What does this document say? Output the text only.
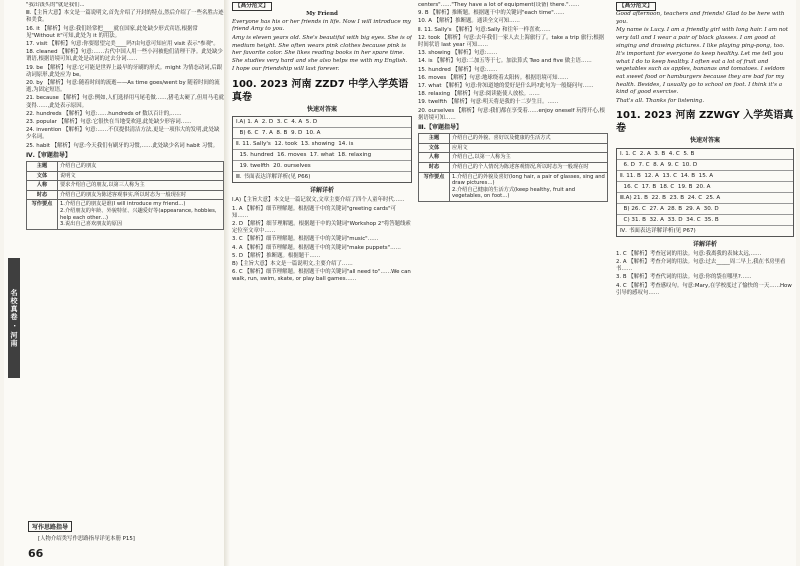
名校真卷 · 河南
"我出钱买的"就是我们...
Ⅲ.【主旨大意】本文是一篇说明文,首先介绍了开封的特点,然后介绍了一些名胜古迹和美食。
16. it 【解析】句意:我们经常把____就在国家,此处缺少形式宾语,根据常见"Without it"可知,此处为 it 的用法。
17. visit 【解析】句意:你要愿望完美____吗?由句意可知应用 visit 表示"参观"。
18. cleaned 【解析】句意:……古代中国人用一些小河被他们清理干净。此处缺少谓语,根据语境可知,此处是动词的过去分词……
19. be 【解析】句意:它可能是世界上最早的牙刷的形式。might 为情态动词,后跟动词原形,此处应为 be。
20. by 【解析】句意:随着时间的流逝——As time goes/went by 随着时间的流逝,为固定短语。
21. because 【解析】句意:例如,人们选择用马尾毛做……,猪毛太硬了,但用马毛就变得……,此处表示原因。
22. hundreds 【解析】句意:……hundreds of 数以百计的,……
23. popular 【解析】句意:它很快在当地受欢迎,此处缺少形容词……
24. invention 【解析】句意:……不仅提供清洁方法,更是一项伟大的发明,此处缺少名词。
25. habit 【解析】句意:今天我们有刷牙的习惯,……此处缺少名词 habit 习惯。
Ⅳ.【审题指导】
主题	介绍自己的朋友
文体	说明文
人称	要求介绍自己的朋友,以第三人称为主
时态	介绍自己的朋友为陈述客观事实,所以时态为一般现在时
写作要点	1.介绍自己的朋友是谁(I will introduce my friend…)
2.介绍朋友的年龄、外貌特征、兴趣爱好等(appearance, hobbies, help each other…)
3.说出自己喜欢朋友的原因
【高分范文】
My Friend
Everyone has his or her friends in life. Now I will introduce my friend Amy to you.
Amy is eleven years old. She's beautiful with big eyes. She is of medium height. She often wears pink clothes because pink is her favorite color. She likes reading books in her spare time. She studies very hard and she also helps me with my English.
I hope our friendship will last forever.
100. 2023 河南 ZZD7 中学入学英语真卷
快速对答案
Ⅰ.A) 1. A  2. D  3. C  4. A  5. D
B) 6. C  7. A  8. B  9. D  10. A
Ⅱ. 11. Sally's  12. took  13. showing  14. is
15. hundred  16. moves  17. what  18. relaxing
19. twelfth  20. ourselves
Ⅲ. 书面表达详解详析(见 P66)
详解详析
Ⅰ.A)【主旨大意】本文是一篇记叙文,文章主要介绍了四个人童年时代……
1. A 【解析】细节理解题。根据题干中的关键词"greeting cards"可知……
2. D 【解析】细节理解题。根据题干中的关键词"Workshop 2"将答题线索定位至文章中……
3. C 【解析】细节理解题。根据题干中的关键词"music"……
4. A 【解析】细节理解题。根据题干中的关键词"make puppets"……
5. D 【解析】推断题。根据题干……
B)【主旨大意】本文是一篇说明文,主要介绍了……
6. C 【解析】细节理解题。根据题干中的关键词"all need to"……We can walk, run, swim, skate, or play ball games……
centers"……"They have a lot of equipment(设备) there."……
9. B 【解析】推断题。根据题干中的关键词"each time"……
10. A 【解析】推断题。通读全文可知……
Ⅱ. 11. Sally's 【解析】句意:Sally 和往年一样喜欢……
12. took 【解析】句意:去年我们一家人去上海旅行了。take a trip 旅行;根据时间状语 last year 可知……
13. showing 【解析】句意:……
14. is 【解析】句意:二加五等于七。加法算式 Two and five 做主语……
15. hundred 【解析】句意:……
16. moves 【解析】句意:地球绕着太阳转。根据语境可知……
17. what 【解析】句意:你知道她的爱好是什么吗?此句为一般疑问句……
18. relaxing 【解析】句意:阅读能使人放松。……
19. twelfth 【解析】句意:明天将是我的十二岁生日。……
20. ourselves 【解析】句意:我们都在享受着……enjoy oneself 玩得开心,根据语境可知……
Ⅲ.【审题指导】
主题	介绍自己的外貌、喜好以及健康的生活方式
文体	应用文
人称	介绍自己,以第一人称为主
时态	介绍自己的个人情况为陈述客观情况,所以时态为一般现在时
写作要点	1.介绍自己的外貌及喜好(long hair, a pair of glasses, sing and draw pictures…)
2.介绍自己健康的生活方式(keep healthy, fruit and vegetables, on foot…)
【高分范文】
Good afternoon, teachers and friends! Glad to be here with you.
My name is Lucy. I am a friendly girl with long hair. I am not very tall and I wear a pair of black glasses. I am good at singing and drawing pictures. I like playing ping-pong, too.
It's important for everyone to keep healthy. Let me tell you what I do to keep healthy. I often eat a lot of fruit and vegetables such as apples, bananas and tomatoes. I seldom eat sweet food or hamburgers because they are bad for my health. Besides, I usually go to school on foot. I think it's a kind of good exercise.
That's all. Thanks for listening.
101. 2023 河南 ZZWGY 入学英语真卷
快速对答案
Ⅰ. 1. C  2. A  3. B  4. C  5. B
6. D  7. C  8. A  9. C  10. D
Ⅱ. 11. B  12. A  13. C  14. B  15. A
16. C  17. B  18. C  19. B  20. A
Ⅲ.A) 21. B  22. B  23. B  24. C  25. A
B) 26. C  27. A  28. B  29. A  30. D
C) 31. B  32. A  33. D  34. C  35. B
Ⅳ. 书面表达详解详析(见 P67)
详解详析
1. C 【解析】考查冠词的用法。句意:我离我的表妹太远,……
2. A 【解析】考查介词的用法。句意:过去_____周二早上,我在书房里看书……
3. B 【解析】考查代词的用法。句意:你的袋在哪里?……
4. C 【解析】考查感叹句。句意:Mary,在学校度过了愉快的一天……How 引导的感叹句……
写作思路指导
[人物介绍类写作思路指导详见本册 P15]
66
